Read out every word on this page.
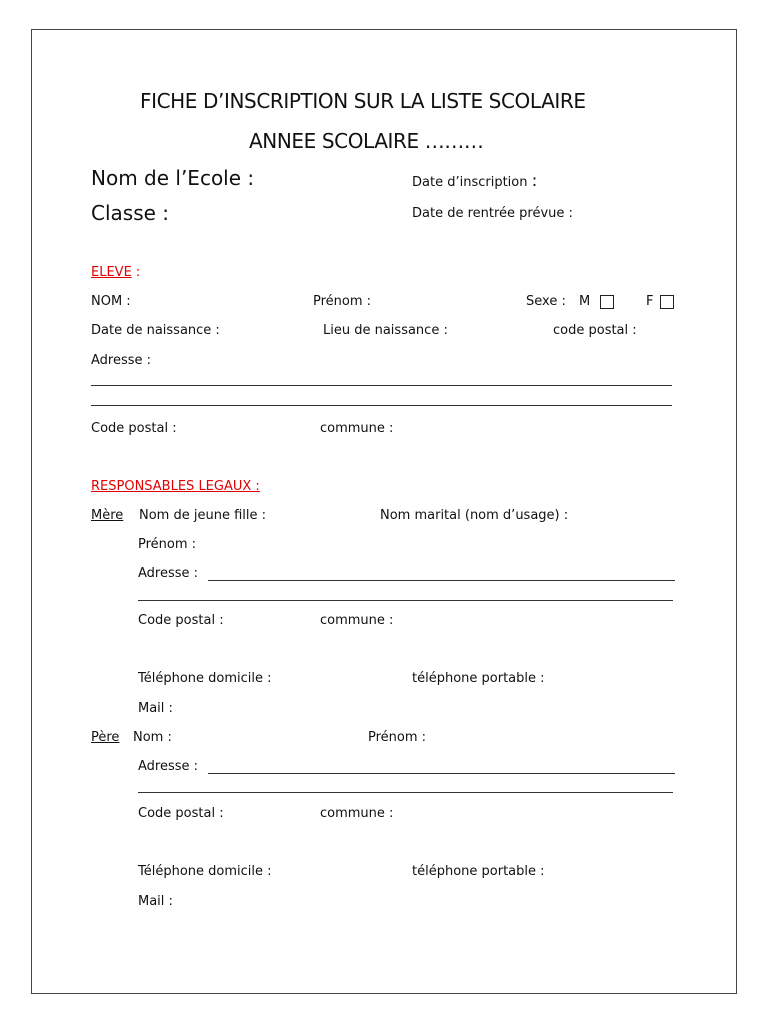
FICHE D’INSCRIPTION SUR LA LISTE SCOLAIRE
ANNEE SCOLAIRE ………
Nom de l’Ecole :	Date d’inscription :
Classe :	Date de rentrée prévue :
ELEVE :
NOM :	Prénom :	Sexe : M	F
Date de naissance :	Lieu de naissance :	code postal :
Adresse :
Code postal :	commune :
RESPONSABLES LEGAUX :
Mère Nom de jeune fille :	Nom marital (nom d’usage) :
Prénom :
Adresse :
Code postal :	commune :
Téléphone domicile :	téléphone portable :
Mail :
Père Nom :	Prénom :
Adresse :
Code postal :	commune :
Téléphone domicile :	téléphone portable :
Mail :
